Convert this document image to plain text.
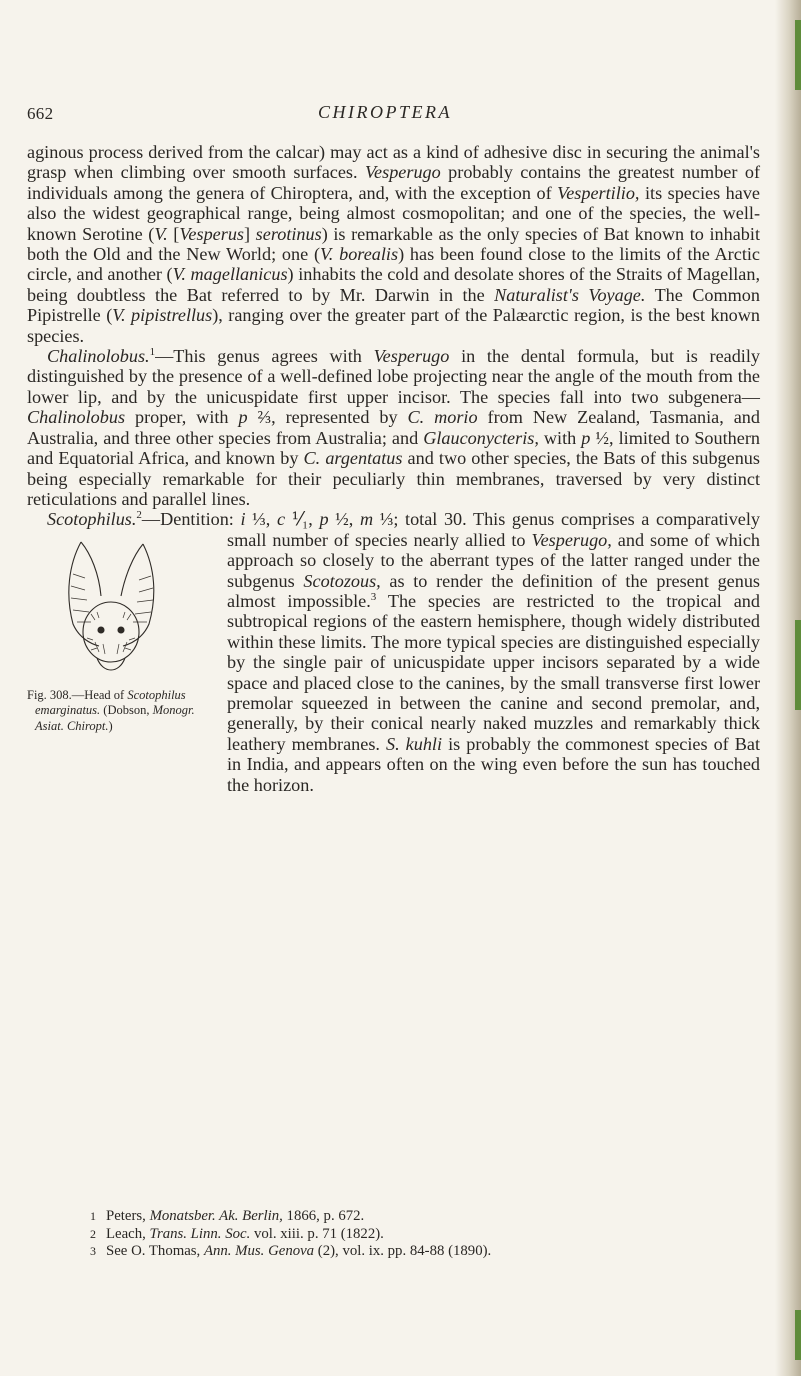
662	CHIROPTERA

aginous process derived from the calcar) may act as a kind of adhesive disc in securing the animal's grasp when climbing over smooth surfaces. Vesperugo probably contains the greatest number of individuals among the genera of Chiroptera, and, with the exception of Vespertilio, its species have also the widest geographical range, being almost cosmopolitan; and one of the species, the well-known Serotine (V. [Vesperus] serotinus) is remarkable as the only species of Bat known to inhabit both the Old and the New World; one (V. borealis) has been found close to the limits of the Arctic circle, and another (V. magellanicus) inhabits the cold and desolate shores of the Straits of Magellan, being doubtless the Bat referred to by Mr. Darwin in the Naturalist's Voyage. The Common Pipistrelle (V. pipistrellus), ranging over the greater part of the Palæarctic region, is the best known species.

Chalinolobus.$^1$—This genus agrees with Vesperugo in the dental formula, but is readily distinguished by the presence of a well-defined lobe projecting near the angle of the mouth from the lower lip, and by the unicuspidate first upper incisor. The species fall into two subgenera—Chalinolobus proper, with p ⅔, represented by C. morio from New Zealand, Tasmania, and Australia, and three other species from Australia; and Glauconycteris, with p ½, limited to Southern and Equatorial Africa, and known by C. argentatus and two other species, the Bats of this subgenus being especially remarkable for their peculiarly thin membranes, traversed by very distinct reticulations and parallel lines.

Scotophilus.$^2$—Dentition: i ⅓, c ⅟₁, p ½, m ⅓; total 30. This genus comprises a comparatively small number of species nearly allied to
Fig. 308.—Head of Scotophilus emarginatus. (Dobson, Monogr. Asiat. Chiropt.)
Vesperugo, and some of which approach so closely to the aberrant types of the latter ranged under the subgenus Scotozous, as to render the definition of the present genus almost impossible.$^3$ The species are restricted to the tropical and subtropical regions of the eastern hemisphere, though widely distributed within these limits. The more typical species are distinguished especially by the single pair of unicuspidate upper incisors separated by a wide space and placed close to the canines, by the small transverse first lower premolar squeezed in between the canine and second premolar, and, generally, by their conical nearly naked muzzles and remarkably thick leathery membranes. S. kuhli is probably the commonest species of Bat in India, and appears often on the wing even before the sun has touched the horizon.

1 Peters, Monatsber. Ak. Berlin, 1866, p. 672.
2 Leach, Trans. Linn. Soc. vol. xiii. p. 71 (1822).
3 See O. Thomas, Ann. Mus. Genova (2), vol. ix. pp. 84-88 (1890).
